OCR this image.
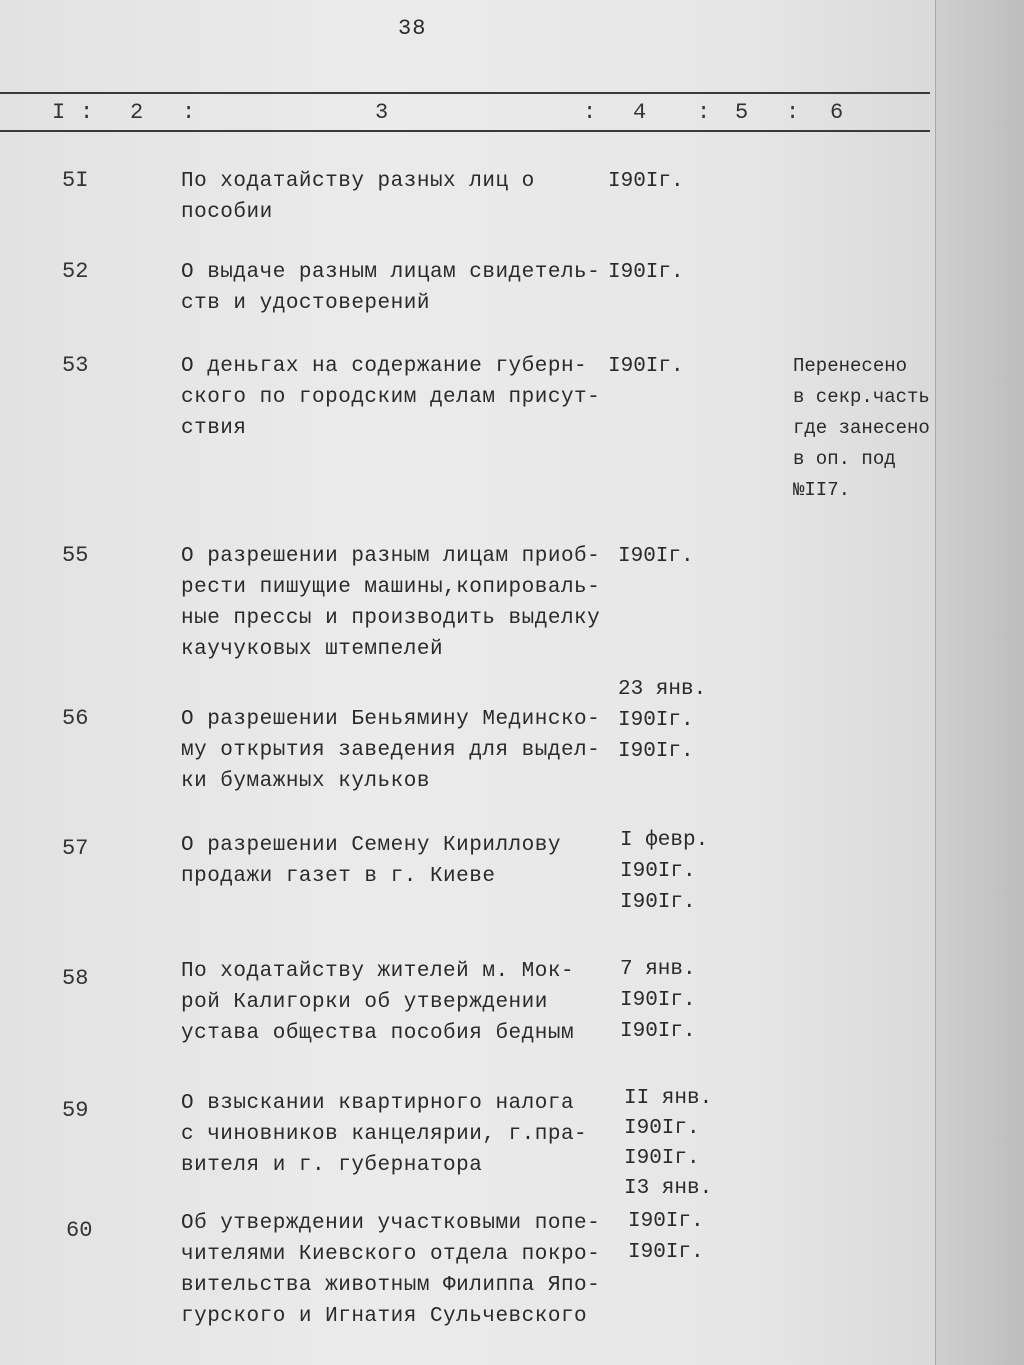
38
I : 2 :	3	: 4 : 5 : 6
5I	По ходатайству разных лиц о
пособии
I90Iг.
52	О выдаче разным лицам свидетель-
ств и удостоверений
I90Iг.
53	О деньгах на содержание губерн-
ского по городским делам присут-
ствия
I90Iг.	Перенесено
в секр.часть
где занесено
в оп. под
№II7.
55	О разрешении разным лицам приоб-
рести пишущие машины,копироваль-
ные прессы и производить выделку
каучуковых штемпелей
I90Iг.
56	О разрешении Беньямину Мединско-
му открытия заведения для выдел-
ки бумажных кульков
23 янв.
I90Iг.
I90Iг.
57	О разрешении Семену Кириллову
продажи газет в г. Киеве
I февр.
I90Iг.
I90Iг.
58	По ходатайству жителей м. Мок-
рой Калигорки об утверждении
устава общества пособия бедным
7 янв.
I90Iг.
I90Iг.
59	О взыскании квартирного налога
с чиновников канцелярии, г.пра-
вителя и г. губернатора
II янв.
I90Iг.
I90Iг.
I3 янв.
60	Об утверждении участковыми попе-
чителями Киевского отдела покро-
вительства животным Филиппа Япо-
гурского и Игнатия Сульчевского
I90Iг.
I90Iг.
